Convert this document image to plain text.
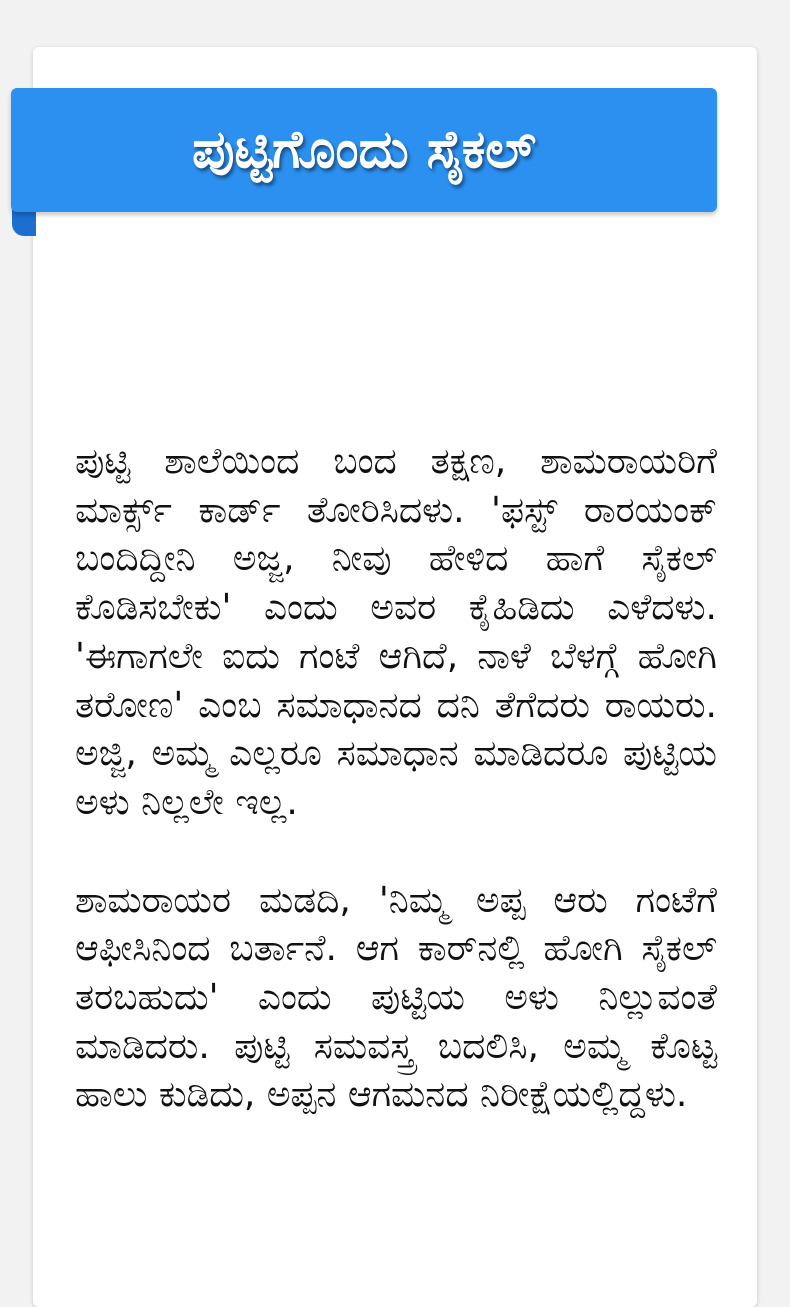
ಪುಟ್ಟಿಗೊಂದು ಸೈಕಲ್

ಪುಟ್ಟಿ ಶಾಲೆಯಿಂದ ಬಂದ ತಕ್ಷಣ, ಶಾಮರಾಯರಿಗೆ ಮಾರ್ಕ್ಸ್ ಕಾರ್ಡ್ ತೋರಿಸಿದಳು. 'ಫಸ್ಟ್ ರಾರಯಂಕ್ ಬಂದಿದ್ದೀನಿ ಅಜ್ಜ, ನೀವು ಹೇಳಿದ ಹಾಗೆ ಸೈಕಲ್ ಕೊಡಿಸಬೇಕು' ಎಂದು ಅವರ ಕೈಹಿಡಿದು ಎಳೆದಳು. 'ಈಗಾಗಲೇ ಐದು ಗಂಟೆ ಆಗಿದೆ, ನಾಳೆ ಬೆಳಗ್ಗೆ ಹೋಗಿ ತರೋಣ' ಎಂಬ ಸಮಾಧಾನದ ದನಿ ತೆಗೆದರು ರಾಯರು. ಅಜ್ಜಿ, ಅಮ್ಮ ಎಲ್ಲರೂ ಸಮಾಧಾನ ಮಾಡಿದರೂ ಪುಟ್ಟಿಯ ಅಳು ನಿಲ್ಲಲೇ ಇಲ್ಲ.

ಶಾಮರಾಯರ ಮಡದಿ, 'ನಿಮ್ಮ ಅಪ್ಪ ಆರು ಗಂಟೆಗೆ ಆಫೀಸಿನಿಂದ ಬರ್ತಾನೆ. ಆಗ ಕಾರ್‌ನಲ್ಲಿ ಹೋಗಿ ಸೈಕಲ್ ತರಬಹುದು' ಎಂದು ಪುಟ್ಟಿಯ ಅಳು ನಿಲ್ಲುವಂತೆ ಮಾಡಿದರು. ಪುಟ್ಟಿ ಸಮವಸ್ತ್ರ ಬದಲಿಸಿ, ಅಮ್ಮ ಕೊಟ್ಟ ಹಾಲು ಕುಡಿದು, ಅಪ್ಪನ ಆಗಮನದ ನಿರೀಕ್ಷೆಯಲ್ಲಿದ್ದಳು.
